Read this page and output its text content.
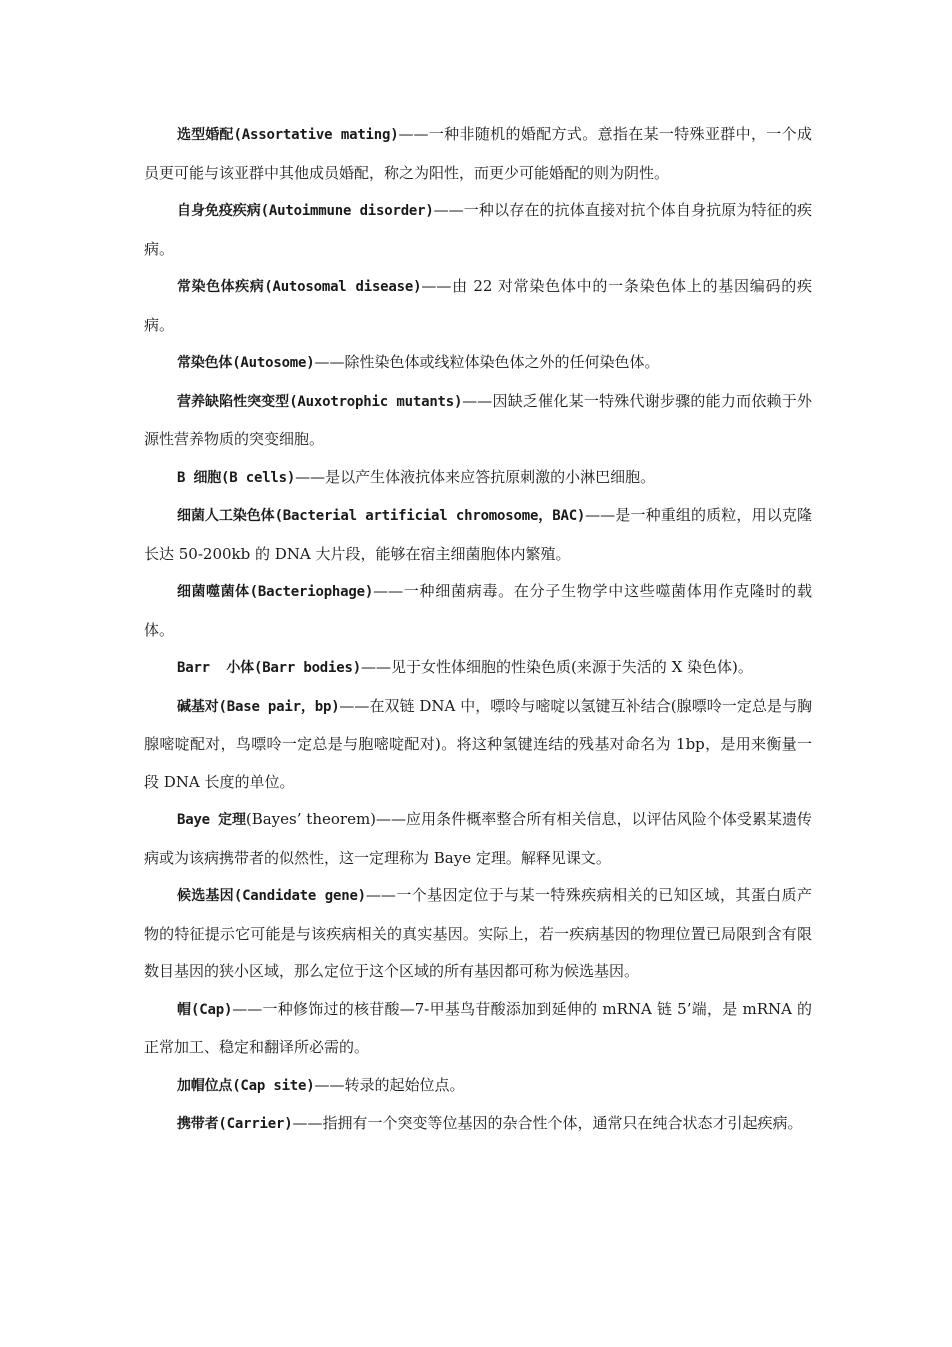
选型婚配(Assortative mating)——一种非随机的婚配方式。意指在某一特殊亚群中，一个成员更可能与该亚群中其他成员婚配，称之为阳性，而更少可能婚配的则为阴性。

自身免疫疾病(Autoimmune disorder)——一种以存在的抗体直接对抗个体自身抗原为特征的疾病。

常染色体疾病(Autosomal disease)——由 22 对常染色体中的一条染色体上的基因编码的疾病。

常染色体(Autosome)——除性染色体或线粒体染色体之外的任何染色体。

营养缺陷性突变型(Auxotrophic mutants)——因缺乏催化某一特殊代谢步骤的能力而依赖于外源性营养物质的突变细胞。

B 细胞(B cells)——是以产生体液抗体来应答抗原刺激的小淋巴细胞。

细菌人工染色体(Bacterial artificial chromosome，BAC)——是一种重组的质粒，用以克隆长达 50-200kb 的 DNA 大片段，能够在宿主细菌胞体内繁殖。

细菌噬菌体(Bacteriophage)——一种细菌病毒。在分子生物学中这些噬菌体用作克隆时的载体。

Barr  小体(Barr bodies)——见于女性体细胞的性染色质(来源于失活的 X 染色体)。

碱基对(Base pair，bp)——在双链 DNA 中，嘌呤与嘧啶以氢键互补结合(腺嘌呤一定总是与胸腺嘧啶配对，鸟嘌呤一定总是与胞嘧啶配对)。将这种氢键连结的残基对命名为 1bp，是用来衡量一段 DNA 长度的单位。

Baye 定理(Bayes’ theorem)——应用条件概率整合所有相关信息，以评估风险个体受累某遗传病或为该病携带者的似然性，这一定理称为 Baye 定理。解释见课文。

候选基因(Candidate gene)——一个基因定位于与某一特殊疾病相关的已知区域，其蛋白质产物的特征提示它可能是与该疾病相关的真实基因。实际上，若一疾病基因的物理位置已局限到含有限数目基因的狭小区域，那么定位于这个区域的所有基因都可称为候选基因。

帽(Cap)——一种修饰过的核苷酸—7-甲基鸟苷酸添加到延伸的 mRNA 链 5’端，是 mRNA 的正常加工、稳定和翻译所必需的。

加帽位点(Cap site)——转录的起始位点。

携带者(Carrier)——指拥有一个突变等位基因的杂合性个体，通常只在纯合状态才引起疾病。
